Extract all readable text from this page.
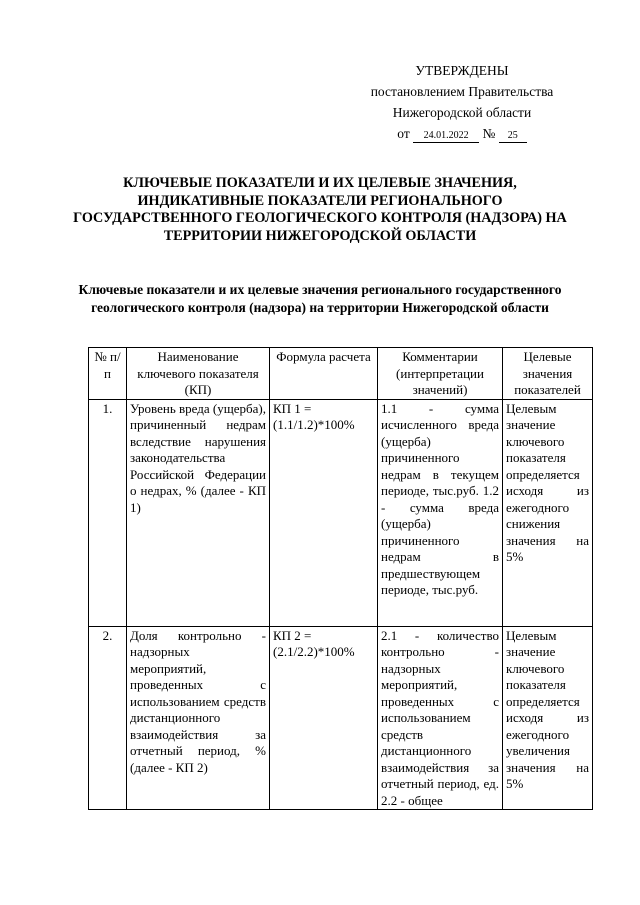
УТВЕРЖДЕНЫ
постановлением Правительства
Нижегородской области
от 24.01.2022 № 25
КЛЮЧЕВЫЕ ПОКАЗАТЕЛИ И ИХ ЦЕЛЕВЫЕ ЗНАЧЕНИЯ, ИНДИКАТИВНЫЕ ПОКАЗАТЕЛИ РЕГИОНАЛЬНОГО ГОСУДАРСТВЕННОГО ГЕОЛОГИЧЕСКОГО КОНТРОЛЯ (НАДЗОРА) НА ТЕРРИТОРИИ НИЖЕГОРОДСКОЙ ОБЛАСТИ
Ключевые показатели и их целевые значения регионального государственного геологического контроля (надзора) на территории Нижегородской области
№ п/п	Наименование ключевого показателя (КП)	Формула расчета	Комментарии (интерпретации значений)	Целевые значения показателей
1.	Уровень вреда (ущерба), причиненный недрам вследствие нарушения законодательства Российской Федерации о недрах, % (далее - КП 1)	КП 1 = (1.1/1.2)*100%	1.1 - сумма исчисленного вреда (ущерба) причиненного недрам в текущем периоде, тыс.руб. 1.2 - сумма вреда (ущерба) причиненного недрам в предшествующем периоде, тыс.руб.	Целевым значение ключевого показателя определяется исходя из ежегодного снижения значения на 5%
2.	Доля контрольно - надзорных мероприятий, проведенных с использованием средств дистанционного взаимодействия за отчетный период, % (далее - КП 2)	КП 2 = (2.1/2.2)*100%	2.1 - количество контрольно - надзорных мероприятий, проведенных с использованием средств дистанционного взаимодействия за отчетный период, ед. 2.2 - общее	Целевым значение ключевого показателя определяется исходя из ежегодного увеличения значения на 5%
